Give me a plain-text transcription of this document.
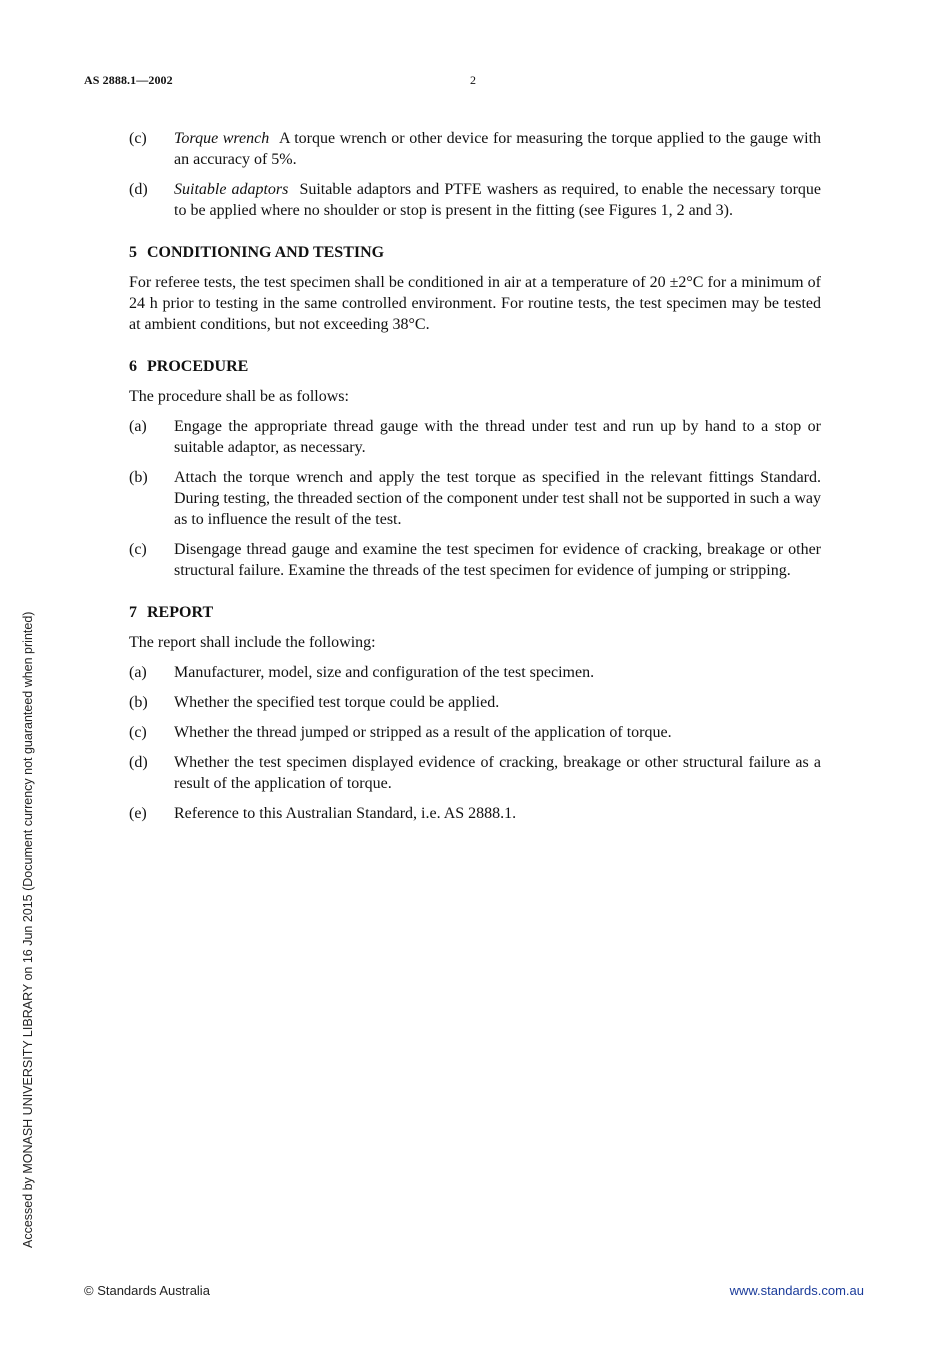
AS 2888.1—2002	2
(c)	Torque wrench A torque wrench or other device for measuring the torque applied to the gauge with an accuracy of 5%.
(d)	Suitable adaptors Suitable adaptors and PTFE washers as required, to enable the necessary torque to be applied where no shoulder or stop is present in the fitting (see Figures 1, 2 and 3).
5 CONDITIONING AND TESTING
For referee tests, the test specimen shall be conditioned in air at a temperature of 20 ±2°C for a minimum of 24 h prior to testing in the same controlled environment. For routine tests, the test specimen may be tested at ambient conditions, but not exceeding 38°C.
6 PROCEDURE
The procedure shall be as follows:
(a)	Engage the appropriate thread gauge with the thread under test and run up by hand to a stop or suitable adaptor, as necessary.
(b)	Attach the torque wrench and apply the test torque as specified in the relevant fittings Standard. During testing, the threaded section of the component under test shall not be supported in such a way as to influence the result of the test.
(c)	Disengage thread gauge and examine the test specimen for evidence of cracking, breakage or other structural failure. Examine the threads of the test specimen for evidence of jumping or stripping.
7 REPORT
The report shall include the following:
(a)	Manufacturer, model, size and configuration of the test specimen.
(b)	Whether the specified test torque could be applied.
(c)	Whether the thread jumped or stripped as a result of the application of torque.
(d)	Whether the test specimen displayed evidence of cracking, breakage or other structural failure as a result of the application of torque.
(e)	Reference to this Australian Standard, i.e. AS 2888.1.
Accessed by MONASH UNIVERSITY LIBRARY on 16 Jun 2015 (Document currency not guaranteed when printed)
© Standards Australia	www.standards.com.au
